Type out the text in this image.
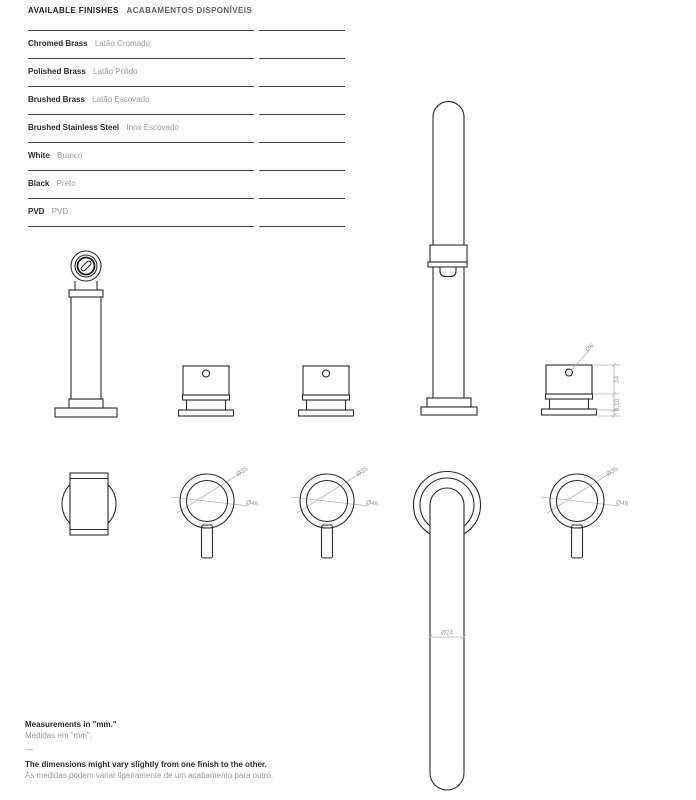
AVAILABLE FINISHES ACABAMENTOS DISPONÍVEIS
Chromed Brass Latão Cromado
Polished Brass Latão Polido
Brushed Brass Latão Escovado
Brushed Stainless Steel Inox Escovado
White Branco
Black Preto
PVD PVD
Ø6
24
5,10
Ø35
Ø45
Ø35
Ø45
Ø24
Ø35
Ø45
Measurements in "mm."
Medidas em "mm".
—
The dimensions might vary slightly from one finish to the other.
As medidas podem variar ligeiramente de um acabamento para outro.
